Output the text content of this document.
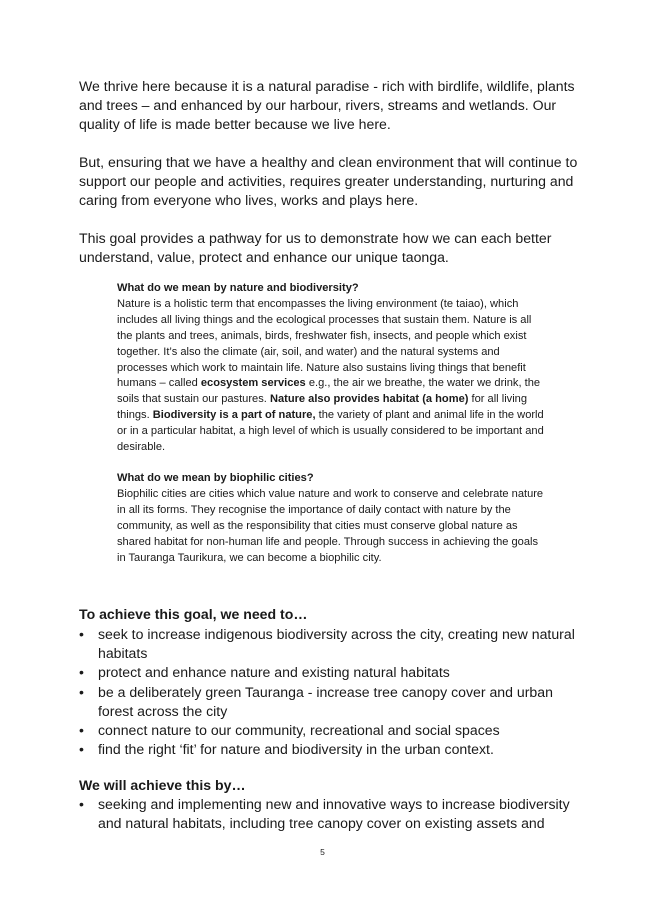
We thrive here because it is a natural paradise - rich with birdlife, wildlife, plants and trees – and enhanced by our harbour, rivers, streams and wetlands. Our quality of life is made better because we live here.

But, ensuring that we have a healthy and clean environment that will continue to support our people and activities, requires greater understanding, nurturing and caring from everyone who lives, works and plays here.

This goal provides a pathway for us to demonstrate how we can each better understand, value, protect and enhance our unique taonga.

What do we mean by nature and biodiversity?

Nature is a holistic term that encompasses the living environment (te taiao), which includes all living things and the ecological processes that sustain them. Nature is all the plants and trees, animals, birds, freshwater fish, insects, and people which exist together. It’s also the climate (air, soil, and water) and the natural systems and processes which work to maintain life. Nature also sustains living things that benefit humans – called ecosystem services e.g., the air we breathe, the water we drink, the soils that sustain our pastures. Nature also provides habitat (a home) for all living things. Biodiversity is a part of nature, the variety of plant and animal life in the world or in a particular habitat, a high level of which is usually considered to be important and desirable.

What do we mean by biophilic cities?

Biophilic cities are cities which value nature and work to conserve and celebrate nature in all its forms. They recognise the importance of daily contact with nature by the community, as well as the responsibility that cities must conserve global nature as shared habitat for non-human life and people. Through success in achieving the goals in Tauranga Taurikura, we can become a biophilic city.

To achieve this goal, we need to…

• seek to increase indigenous biodiversity across the city, creating new natural habitats
• protect and enhance nature and existing natural habitats
• be a deliberately green Tauranga - increase tree canopy cover and urban forest across the city
• connect nature to our community, recreational and social spaces
• find the right ‘fit’ for nature and biodiversity in the urban context.

We will achieve this by…

• seeking and implementing new and innovative ways to increase biodiversity and natural habitats, including tree canopy cover on existing assets and
5
